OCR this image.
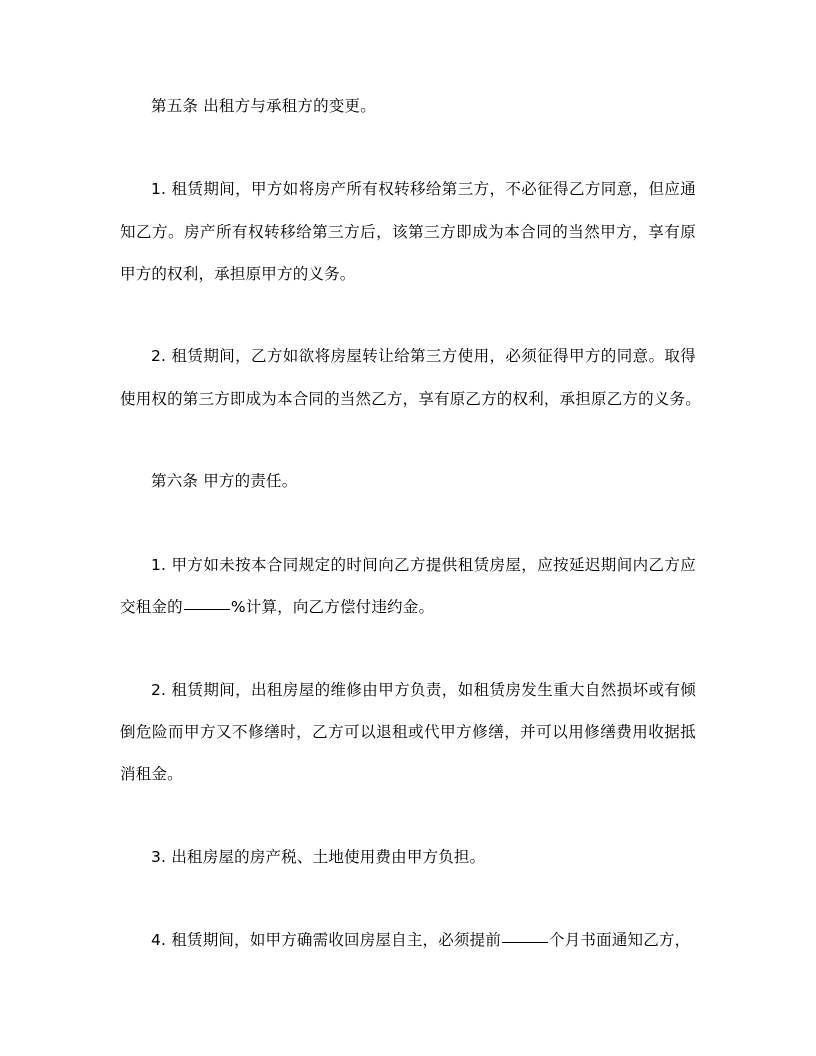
第五条 出租方与承租方的变更。
1. 租赁期间，甲方如将房产所有权转移给第三方，不必征得乙方同意，但应通
知乙方。房产所有权转移给第三方后，该第三方即成为本合同的当然甲方，享有原
甲方的权利，承担原甲方的义务。
2. 租赁期间，乙方如欲将房屋转让给第三方使用，必须征得甲方的同意。取得
使用权的第三方即成为本合同的当然乙方，享有原乙方的权利，承担原乙方的义务。
第六条 甲方的责任。
1. 甲方如未按本合同规定的时间向乙方提供租赁房屋，应按延迟期间内乙方应
交租金的	%计算，向乙方偿付违约金。
2. 租赁期间，出租房屋的维修由甲方负责，如租赁房发生重大自然损坏或有倾
倒危险而甲方又不修缮时，乙方可以退租或代甲方修缮，并可以用修缮费用收据抵
消租金。
3. 出租房屋的房产税、土地使用费由甲方负担。
4. 租赁期间，如甲方确需收回房屋自主，必须提前	个月书面通知乙方，
